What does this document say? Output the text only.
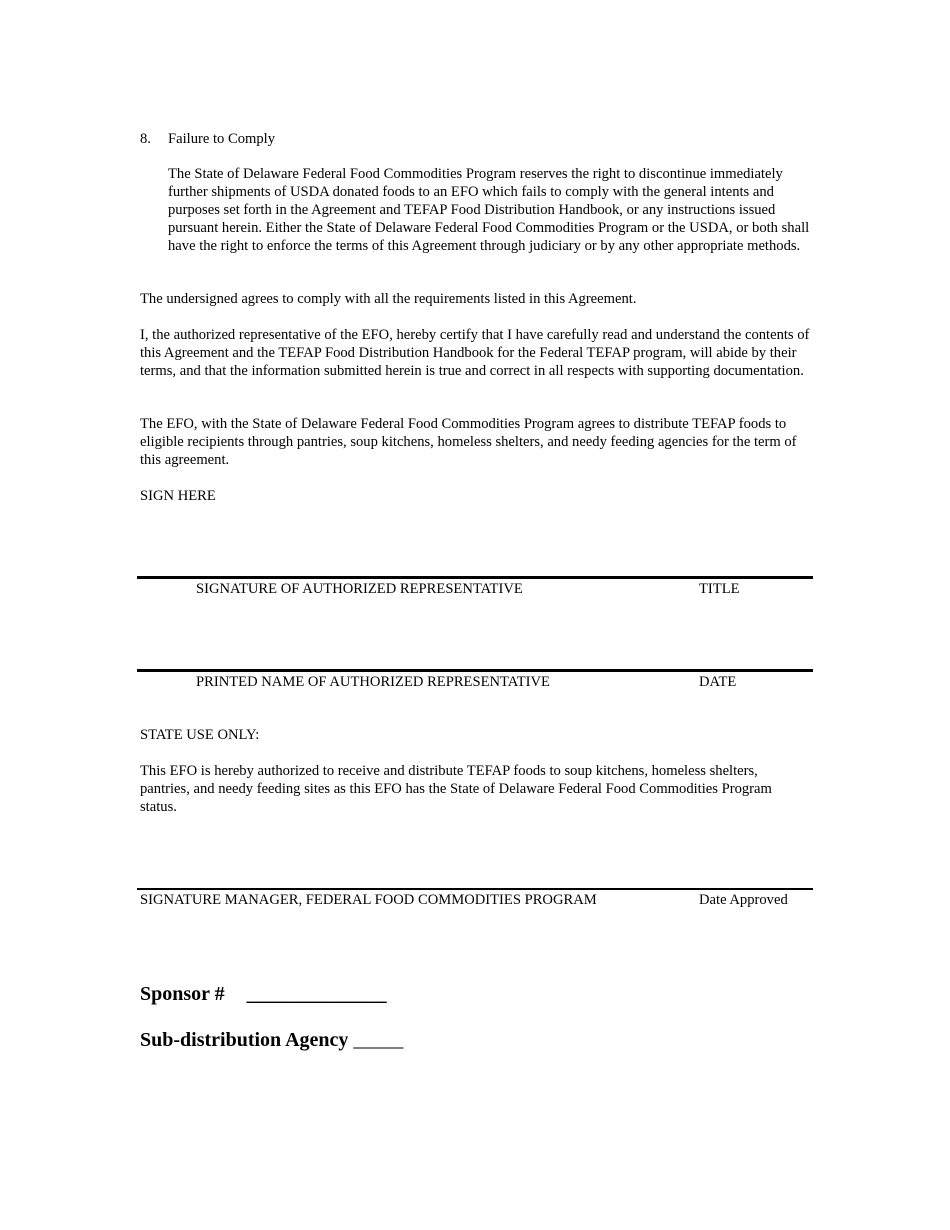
8. Failure to Comply

The State of Delaware Federal Food Commodities Program reserves the right to discontinue immediately further shipments of USDA donated foods to an EFO which fails to comply with the general intents and purposes set forth in the Agreement and TEFAP Food Distribution Handbook, or any instructions issued pursuant herein. Either the State of Delaware Federal Food Commodities Program or the USDA, or both shall have the right to enforce the terms of this Agreement through judiciary or by any other appropriate methods.

The undersigned agrees to comply with all the requirements listed in this Agreement.

I, the authorized representative of the EFO, hereby certify that I have carefully read and understand the contents of this Agreement and the TEFAP Food Distribution Handbook for the Federal TEFAP program, will abide by their terms, and that the information submitted herein is true and correct in all respects with supporting documentation.

The EFO, with the State of Delaware Federal Food Commodities Program agrees to distribute TEFAP foods to eligible recipients through pantries, soup kitchens, homeless shelters, and needy feeding agencies for the term of this agreement.

SIGN HERE
SIGNATURE OF AUTHORIZED REPRESENTATIVE	TITLE
PRINTED NAME OF AUTHORIZED REPRESENTATIVE	DATE
STATE USE ONLY:

This EFO is hereby authorized to receive and distribute TEFAP foods to soup kitchens, homeless shelters, pantries, and needy feeding sites as this EFO has the State of Delaware Federal Food Commodities Program status.

SIGNATURE MANAGER, FEDERAL FOOD COMMODITIES PROGRAM	Date Approved
Sponsor # ______________
Sub-distribution Agency _____
